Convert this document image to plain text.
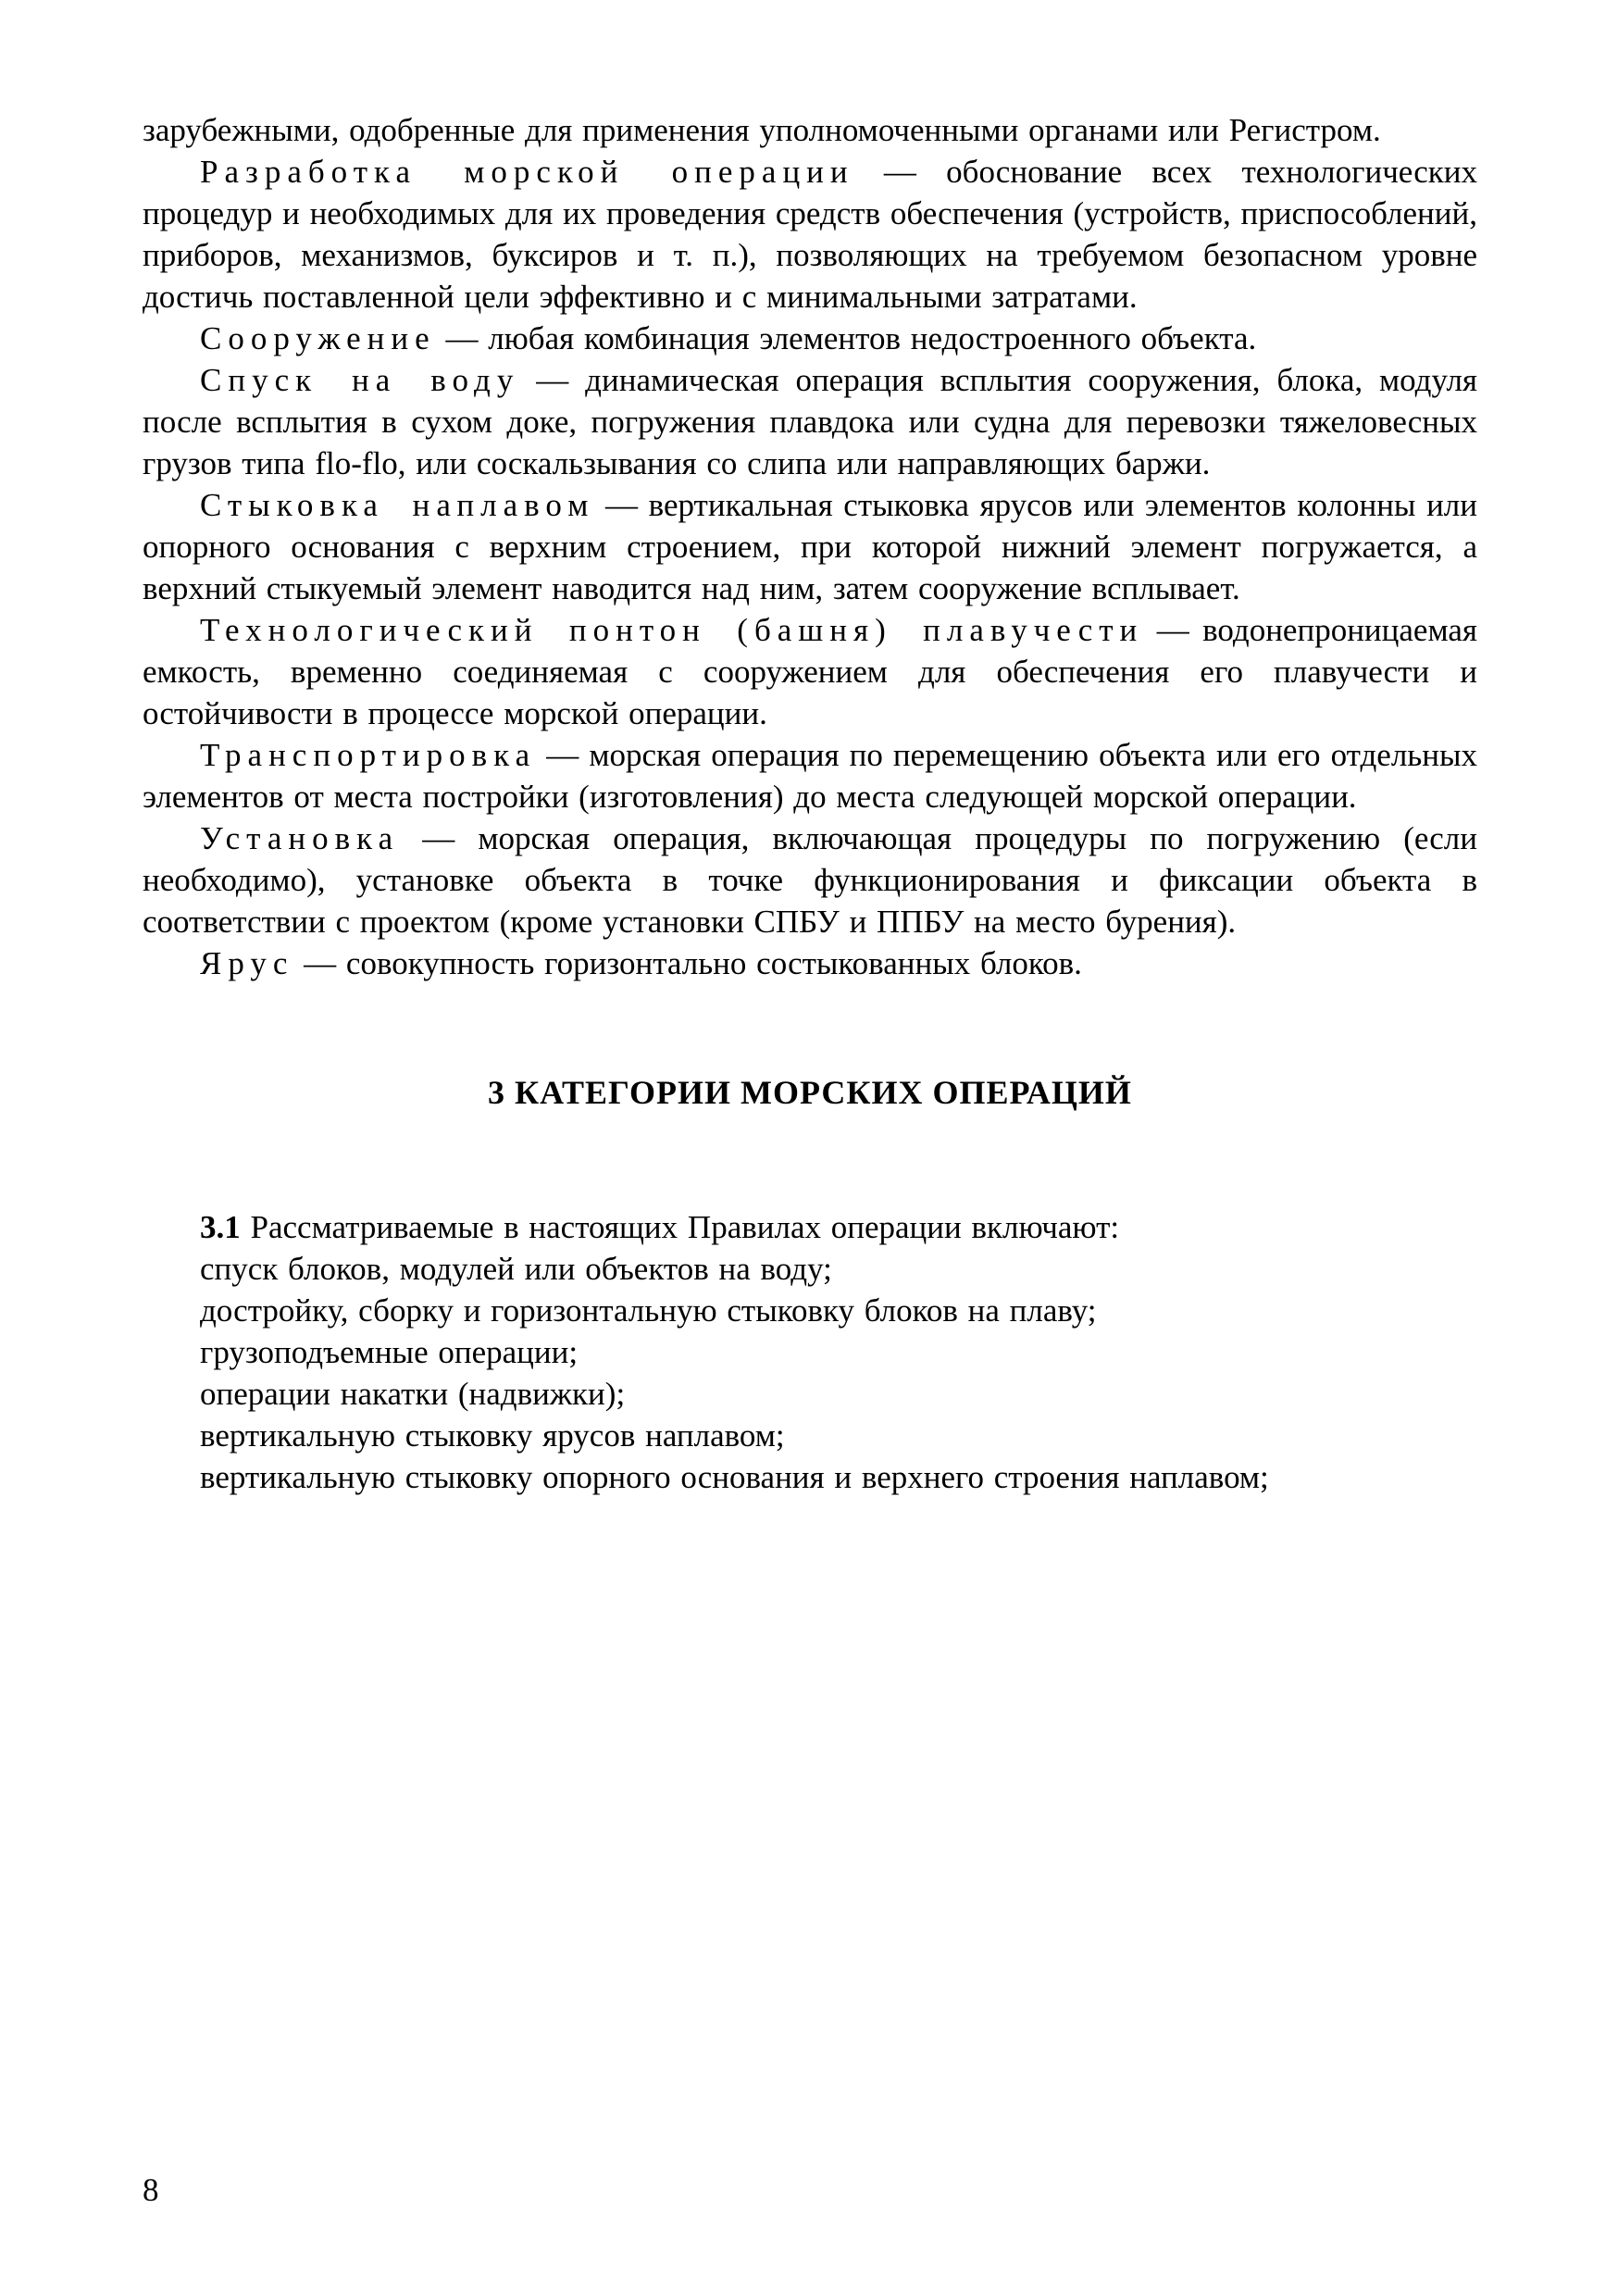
зарубежными, одобренные для применения уполномоченными органами или Регистром.

Разработка морской операции — обоснование всех технологических процедур и необходимых для их проведения средств обеспечения (устройств, приспособлений, приборов, механизмов, буксиров и т. п.), позволяющих на требуемом безопасном уровне достичь поставленной цели эффективно и с минимальными затратами.

Сооружение — любая комбинация элементов недостроенного объекта.

Спуск на воду — динамическая операция всплытия сооружения, блока, модуля после всплытия в сухом доке, погружения плавдока или судна для перевозки тяжеловесных грузов типа flo-flo, или соскальзывания со слипа или направляющих баржи.

Стыковка наплавом — вертикальная стыковка ярусов или элементов колонны или опорного основания с верхним строением, при которой нижний элемент погружается, а верхний стыкуемый элемент наводится над ним, затем сооружение всплывает.

Технологический понтон (башня) плавучести — водонепроницаемая емкость, временно соединяемая с сооружением для обеспечения его плавучести и остойчивости в процессе морской операции.

Транспортировка — морская операция по перемещению объекта или его отдельных элементов от места постройки (изготовления) до места следующей морской операции.

Установка — морская операция, включающая процедуры по погружению (если необходимо), установке объекта в точке функционирования и фиксации объекта в соответствии с проектом (кроме установки СПБУ и ППБУ на место бурения).

Ярус — совокупность горизонтально состыкованных блоков.

3 КАТЕГОРИИ МОРСКИХ ОПЕРАЦИЙ

3.1 Рассматриваемые в настоящих Правилах операции включают:

спуск блоков, модулей или объектов на воду;

достройку, сборку и горизонтальную стыковку блоков на плаву;

грузоподъемные операции;

операции накатки (надвижки);

вертикальную стыковку ярусов наплавом;

вертикальную стыковку опорного основания и верхнего строения наплавом;

8
